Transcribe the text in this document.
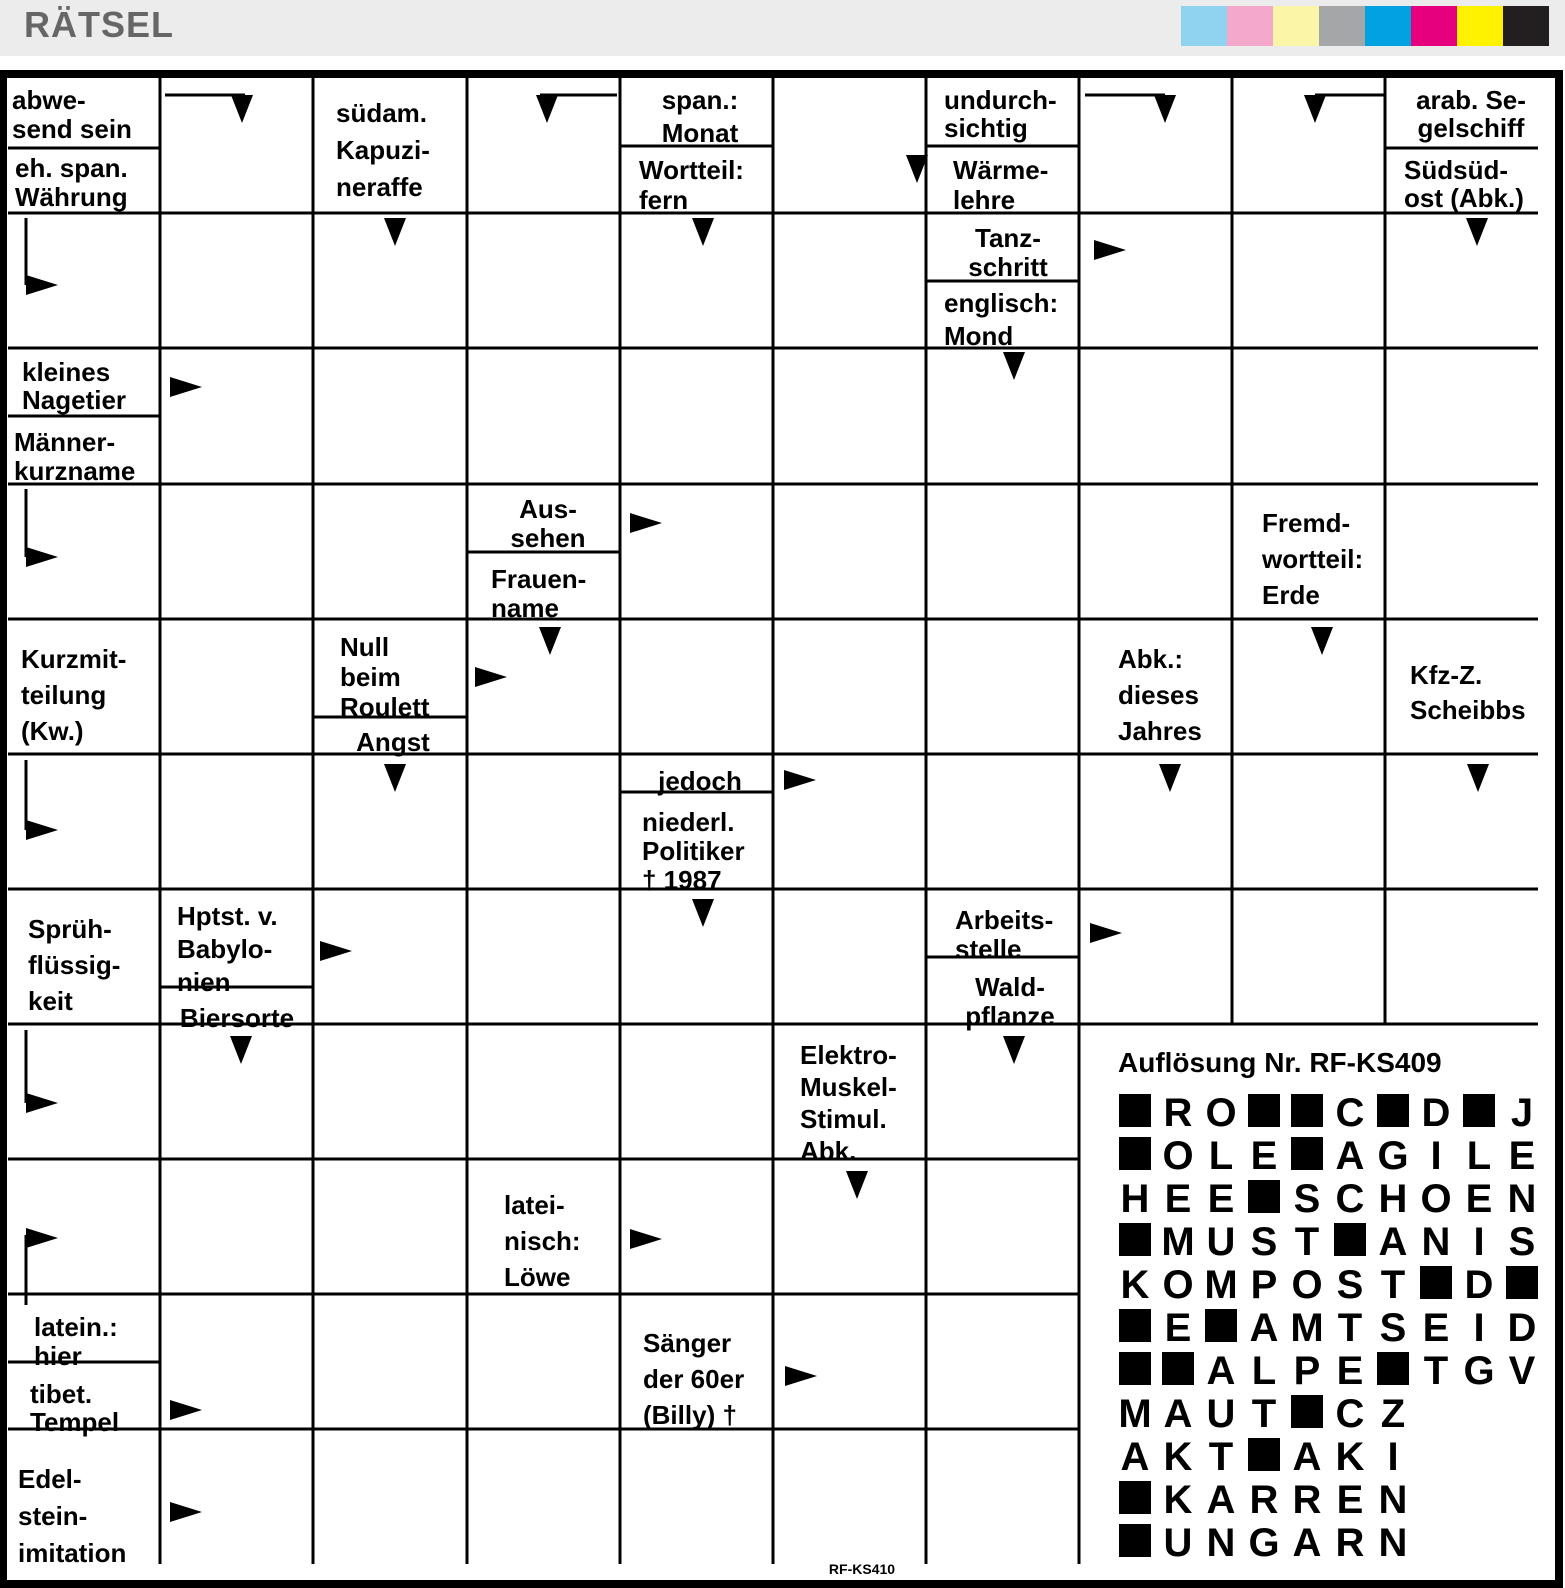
RÄTSEL
abwe-send sein
eh. span. Währung
südam. Kapuzi-neraffe
span.: Monat
Wortteil: fern
undurch-sichtig
Wärme-lehre
arab. Se-gelschiff
Südsüd-ost (Abk.)
Tanz-schritt
englisch: Mond
kleines Nagetier
Männer-kurzname
Aus-sehen
Frauen-name
Fremd-wortteil: Erde
Kurzmit-teilung (Kw.)
Null beim Roulett
Angst
Abk.: dieses Jahres
Kfz-Z. Scheibbs
jedoch
niederl. Politiker † 1987
Sprüh-flüssig-keit
Hptst. v. Babylo-nien
Biersorte
Arbeits-stelle
Wald-pflanze
Elektro-Muskel-Stimul. Abk.
latei-nisch: Löwe
latein.: hier
tibet. Tempel
Sänger der 60er (Billy) †
Edel-stein-imitation
Auflösung Nr. RF-KS409
R O C D J
O L E A G I L E
H E E S C H O E N
M U S T A N I S
K O M P O S T D
E A M T S E I D
A L P E T G V
M A U T C Z
A K T A K I
K A R R E N
U N G A R N
RF-KS410
